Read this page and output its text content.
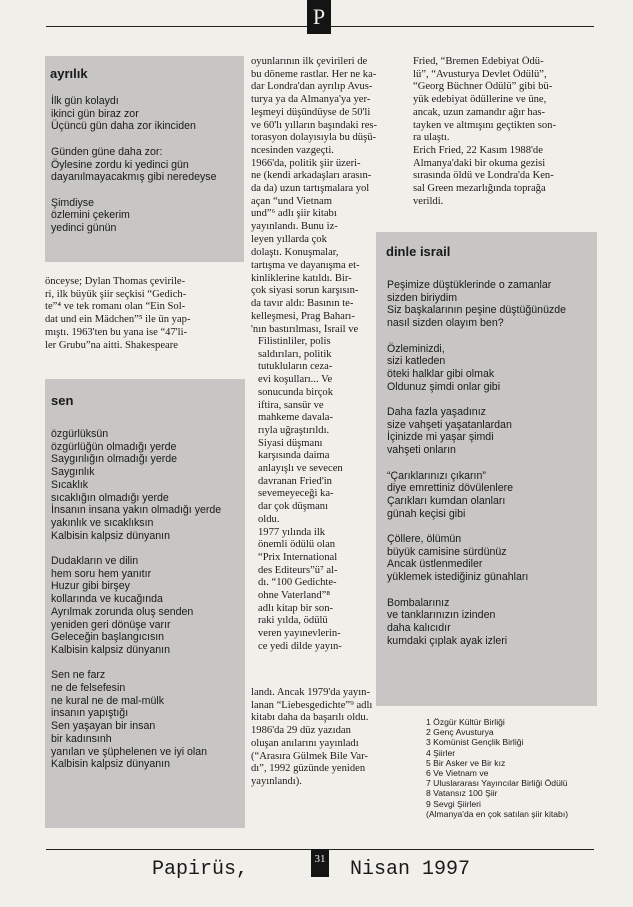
P
ayrılık
İlk gün kolaydı
ikinci gün biraz zor
Üçüncü gün daha zor ikinciden
Günden güne daha zor:
Öylesine zordu ki yedinci gün
dayanılmayacakmış gibi neredeyse
Şimdiyse
özlemini çekerim
yedinci günün
önceyse; Dylan Thomas çevirile-
ri, ilk büyük şiir seçkisi “Gedich-
te”⁴ ve tek romanı olan “Ein Sol-
dat und ein Mädchen”⁵ ile ün yap-
mıştı. 1963'ten bu yana ise “47'li-
ler Grubu”na aitti. Shakespeare
sen
özgürlüksün
özgürlüğün olmadığı yerde
Saygınlığın olmadığı yerde
Saygınlık
Sıcaklık
sıcaklığın olmadığı yerde
İnsanın insana yakın olmadığı yerde
yakınlık ve sıcaklıksın
Kalbisin kalpsiz dünyanın
Dudakların ve dilin
hem soru hem yanıtır
Huzur gibi birşey
kollarında ve kucağında
Ayrılmak zorunda oluş senden
yeniden geri dönüşe varır
Geleceğin başlangıcısın
Kalbisin kalpsiz dünyanın
Sen ne farz
ne de felsefesin
ne kural ne de mal-mülk
insanın yapıştığı
Sen yaşayan bir insan
bir kadınsınh
yanılan ve şüphelenen ve iyi olan
Kalbisin kalpsiz dünyanın
oyunlarının ilk çevirileri de
bu döneme rastlar. Her ne ka-
dar Londra'dan ayrılıp Avus-
turya ya da Almanya'ya yer-
leşmeyi düşündüyse de 50'li
ve 60'lı yılların başındaki res-
torasyon dolayısıyla bu düşü-
ncesinden vazgeçti.
1966'da, politik şiir üzeri-
ne (kendi arkadaşları arasın-
da da) uzun tartışmalara yol
açan “und Vietnam
und”⁶ adlı şiir kitabı
yayınlandı. Bunu iz-
leyen yıllarda çok
dolaştı. Konuşmalar,
tartışma ve dayanışma et-
kinliklerine katıldı. Bir-
çok siyasi sorun karşısın-
da tavır aldı: Basının te-
kelleşmesi, Prag Baharı-
'nın bastırılması, İsrail ve
Filistinliler, polis
saldırıları, politik
tutukluların ceza-
evi koşulları... Ve
sonucunda birçok
iftira, sansür ve
mahkeme davala-
rıyla uğraştırıldı.
Siyasi düşmanı
karşısında daima
anlayışlı ve sevecen
davranan Fried'in
sevemeyeceği ka-
dar çok düşmanı
oldu.
1977 yılında ilk
önemli ödülü olan
“Prix International
des Editeurs”ü⁷ al-
dı. “100 Gedichte-
ohne Vaterland”⁸
adlı kitap bir son-
raki yılda, ödülü
veren yayınevlerin-
ce yedi dilde yayın-
landı. Ancak 1979'da yayın-
lanan “Liebesgedichte”⁹ adlı
kitabı daha da başarılı oldu.
1986'da 29 düz yazıdan
oluşan anılarını yayınladı
(“Arasıra Gülmek Bile Var-
dı”, 1992 güzünde yeniden
yayınlandı).
Fried, “Bremen Edebiyat Ödü-
lü”, “Avusturya Devlet Ödülü”,
“Georg Büchner Ödülü” gibi bü-
yük edebiyat ödüllerine ve üne,
ancak, uzun zamandır ağır has-
tayken ve altmışını geçtikten son-
ra ulaştı.
Erich Fried, 22 Kasım 1988'de
Almanya'daki bir okuma gezisi
sırasında öldü ve Londra'da Ken-
sal Green mezarlığında toprağa
verildi.
dinle israil
Peşimize düştüklerinde o zamanlar
sizden biriydim
Siz başkalarının peşine düştüğünüzde
nasıl sizden olayım ben?
Özleminizdi,
sizi katleden
öteki halklar gibi olmak
Oldunuz şimdi onlar gibi
Daha fazla yaşadınız
size vahşeti yaşatanlardan
İçinizde mi yaşar şimdi
vahşeti onların
“Çarıklarınızı çıkarın”
diye emrettiniz dövülenlere
Çarıkları kumdan olanları
günah keçisi gibi
Çöllere, ölümün
büyük camisine sürdünüz
Ancak üstlenmediler
yüklemek istediğiniz günahları
Bombalarınız
ve tanklarınızın izinden
daha kalıcıdır
kumdaki çıplak ayak izleri
1 Özgür Kültür Birliği
2 Genç Avusturya
3 Komünist Gençlik Birliği
4 Şiirler
5 Bir Asker ve Bir kız
6 Ve Vietnam ve
7 Uluslararası Yayıncılar Birliği Ödülü
8 Vatansız 100 Şiir
9 Sevgi Şiirleri
(Almanya'da en çok satılan şiir kitabı)
Papirüs,	31 Nisan 1997
